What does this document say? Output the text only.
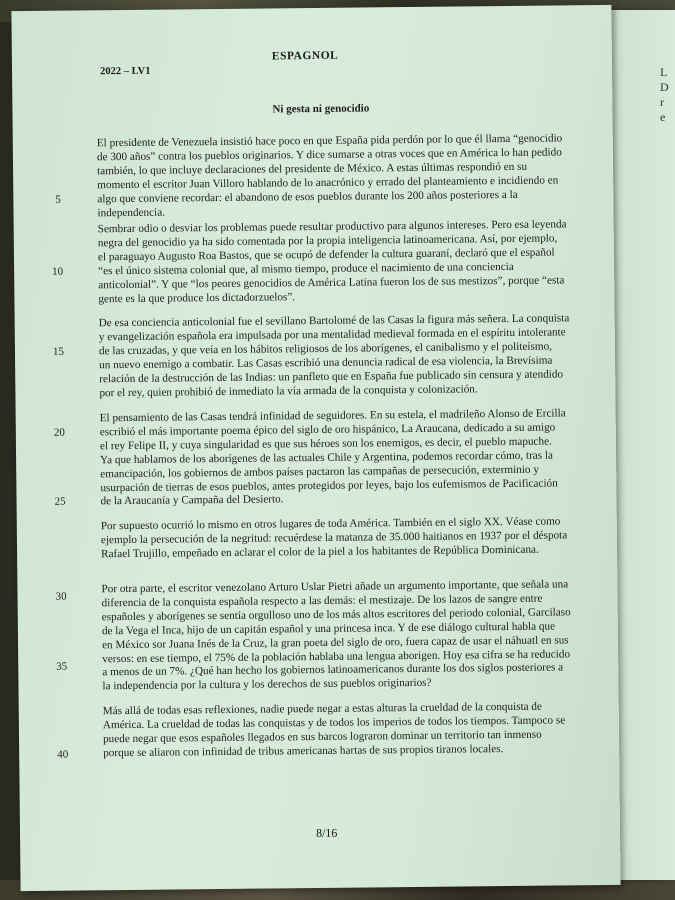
L
D
r
e
2022 – LV1
ESPAGNOL
Ni gesta ni genocidio
El presidente de Venezuela insistió hace poco en que España pida perdón por lo que él llama “genocidio
de 300 años” contra los pueblos originarios. Y dice sumarse a otras voces que en América lo han pedido
también, lo que incluye declaraciones del presidente de México. A estas últimas respondió en su
momento el escritor Juan Villoro hablando de lo anacrónico y errado del planteamiento e incidiendo en
algo que conviene recordar: el abandono de esos pueblos durante los 200 años posteriores a la
independencia.
Sembrar odio o desviar los problemas puede resultar productivo para algunos intereses. Pero esa leyenda
negra del genocidio ya ha sido comentada por la propia inteligencia latinoamericana. Así, por ejemplo,
el paraguayo Augusto Roa Bastos, que se ocupó de defender la cultura guaraní, declaró que el español
“es el único sistema colonial que, al mismo tiempo, produce el nacimiento de una conciencia
anticolonial”. Y que “los peores genocidios de América Latina fueron los de sus mestizos”, porque “esta
gente es la que produce los dictadorzuelos”.
De esa conciencia anticolonial fue el sevillano Bartolomé de las Casas la figura más señera. La conquista
y evangelización española era impulsada por una mentalidad medieval formada en el espíritu intolerante
de las cruzadas, y que veía en los hábitos religiosos de los aborígenes, el canibalismo y el politeísmo,
un nuevo enemigo a combatir. Las Casas escribió una denuncia radical de esa violencia, la Brevísima
relación de la destrucción de las Indias: un panfleto que en España fue publicado sin censura y atendido
por el rey, quien prohibió de inmediato la vía armada de la conquista y colonización.
El pensamiento de las Casas tendrá infinidad de seguidores. En su estela, el madrileño Alonso de Ercilla
escribió el más importante poema épico del siglo de oro hispánico, La Araucana, dedicado a su amigo
el rey Felipe II, y cuya singularidad es que sus héroes son los enemigos, es decir, el pueblo mapuche.
Ya que hablamos de los aborígenes de las actuales Chile y Argentina, podemos recordar cómo, tras la
emancipación, los gobiernos de ambos países pactaron las campañas de persecución, exterminio y
usurpación de tierras de esos pueblos, antes protegidos por leyes, bajo los eufemismos de Pacificación
de la Araucanía y Campaña del Desierto.
Por supuesto ocurrió lo mismo en otros lugares de toda América. También en el siglo XX. Véase como
ejemplo la persecución de la negritud: recuérdese la matanza de 35.000 haitianos en 1937 por el déspota
Rafael Trujillo, empeñado en aclarar el color de la piel a los habitantes de República Dominicana.
Por otra parte, el escritor venezolano Arturo Uslar Pietri añade un argumento importante, que señala una
diferencia de la conquista española respecto a las demás: el mestizaje. De los lazos de sangre entre
españoles y aborígenes se sentía orgulloso uno de los más altos escritores del periodo colonial, Garcilaso
de la Vega el Inca, hijo de un capitán español y una princesa inca. Y de ese diálogo cultural habla que
en México sor Juana Inés de la Cruz, la gran poeta del siglo de oro, fuera capaz de usar el náhuatl en sus
versos: en ese tiempo, el 75% de la población hablaba una lengua aborigen. Hoy esa cifra se ha reducido
a menos de un 7%. ¿Qué han hecho los gobiernos latinoamericanos durante los dos siglos posteriores a
la independencia por la cultura y los derechos de sus pueblos originarios?
Más allá de todas esas reflexiones, nadie puede negar a estas alturas la crueldad de la conquista de
América. La crueldad de todas las conquistas y de todos los imperios de todos los tiempos. Tampoco se
puede negar que esos españoles llegados en sus barcos lograron dominar un territorio tan inmenso
porque se aliaron con infinidad de tribus americanas hartas de sus propios tiranos locales.
5
10
15
20
25
30
35
40
8/16
